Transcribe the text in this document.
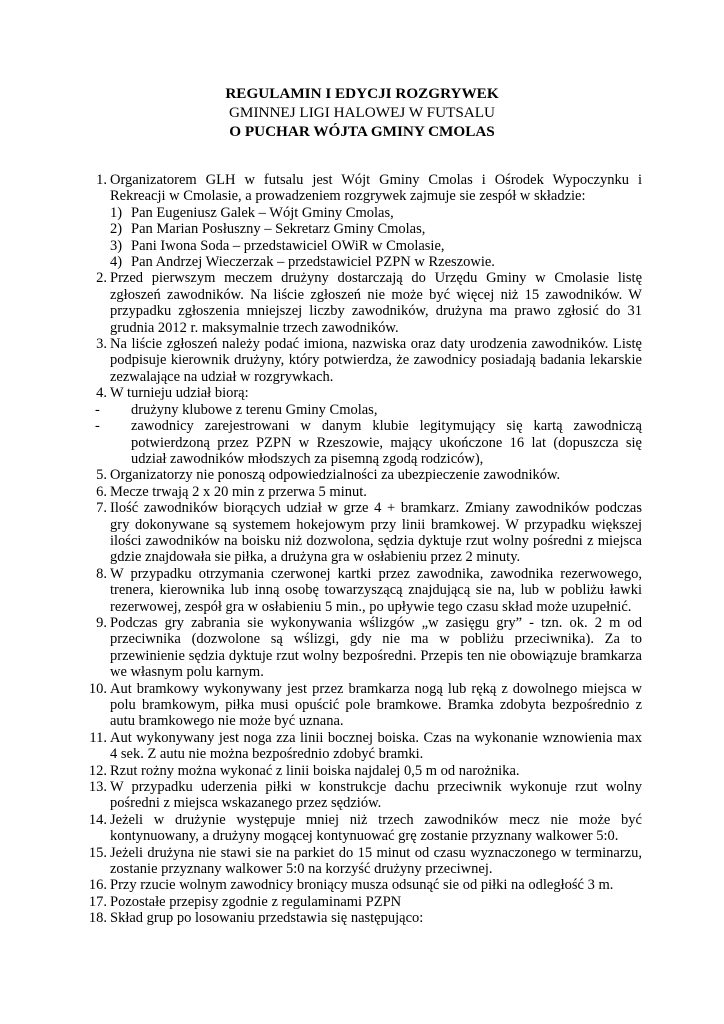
REGULAMIN I EDYCJI ROZGRYWEK
GMINNEJ LIGI HALOWEJ W FUTSALU
O PUCHAR WÓJTA GMINY CMOLAS
1. Organizatorem GLH w futsalu jest Wójt Gminy Cmolas i Ośrodek Wypoczynku i Rekreacji w Cmolasie, a prowadzeniem rozgrywek zajmuje sie zespół w składzie:
1) Pan Eugeniusz Galek – Wójt Gminy Cmolas,
2) Pan Marian Posłuszny – Sekretarz Gminy Cmolas,
3) Pani Iwona Soda – przedstawiciel OWiR w Cmolasie,
4) Pan Andrzej Wieczerzak – przedstawiciel PZPN w Rzeszowie.
2. Przed pierwszym meczem drużyny dostarczają do Urzędu Gminy w Cmolasie listę zgłoszeń zawodników. Na liście zgłoszeń nie może być więcej niż 15 zawodników. W przypadku zgłoszenia mniejszej liczby zawodników, drużyna ma prawo zgłosić do 31 grudnia 2012 r. maksymalnie trzech zawodników.
3. Na liście zgłoszeń należy podać imiona, nazwiska oraz daty urodzenia zawodników. Listę podpisuje kierownik drużyny, który potwierdza, że zawodnicy posiadają badania lekarskie zezwalające na udział w rozgrywkach.
4. W turnieju udział biorą:
- drużyny klubowe z terenu Gminy Cmolas,
- zawodnicy zarejestrowani w danym klubie legitymujący się kartą zawodniczą potwierdzoną przez PZPN w Rzeszowie, mający ukończone 16 lat (dopuszcza się udział zawodników młodszych za pisemną zgodą rodziców),
5. Organizatorzy nie ponoszą odpowiedzialności za ubezpieczenie zawodników.
6. Mecze trwają 2 x 20 min z przerwa 5 minut.
7. Ilość zawodników biorących udział w grze 4 + bramkarz. Zmiany zawodników podczas gry dokonywane są systemem hokejowym przy linii bramkowej. W przypadku większej ilości zawodników na boisku niż dozwolona, sędzia dyktuje rzut wolny pośredni z miejsca gdzie znajdowała sie piłka, a drużyna gra w osłabieniu przez 2 minuty.
8. W przypadku otrzymania czerwonej kartki przez zawodnika, zawodnika rezerwowego, trenera, kierownika lub inną osobę towarzyszącą znajdującą sie na, lub w pobliżu ławki rezerwowej, zespół gra w osłabieniu 5 min., po upływie tego czasu skład może uzupełnić.
9. Podczas gry zabrania sie wykonywania wślizgów „w zasięgu gry” - tzn. ok. 2 m od przeciwnika (dozwolone są wślizgi, gdy nie ma w pobliżu przeciwnika). Za to przewinienie sędzia dyktuje rzut wolny bezpośredni. Przepis ten nie obowiązuje bramkarza we własnym polu karnym.
10. Aut bramkowy wykonywany jest przez bramkarza nogą lub ręką z dowolnego miejsca w polu bramkowym, piłka musi opuścić pole bramkowe. Bramka zdobyta bezpośrednio z autu bramkowego nie może być uznana.
11. Aut wykonywany jest noga zza linii bocznej boiska. Czas na wykonanie wznowienia max 4 sek. Z autu nie można bezpośrednio zdobyć bramki.
12. Rzut rożny można wykonać z linii boiska najdalej 0,5 m od narożnika.
13. W przypadku uderzenia piłki w konstrukcje dachu przeciwnik wykonuje rzut wolny pośredni z miejsca wskazanego przez sędziów.
14. Jeżeli w drużynie występuje mniej niż trzech zawodników mecz nie może być kontynuowany, a drużyny mogącej kontynuować grę zostanie przyznany walkower 5:0.
15. Jeżeli drużyna nie stawi sie na parkiet do 15 minut od czasu wyznaczonego w terminarzu, zostanie przyznany walkower 5:0 na korzyść drużyny przeciwnej.
16. Przy rzucie wolnym zawodnicy broniący musza odsunąć sie od piłki na odległość 3 m.
17. Pozostałe przepisy zgodnie z regulaminami PZPN
18. Skład grup po losowaniu przedstawia się następująco:
